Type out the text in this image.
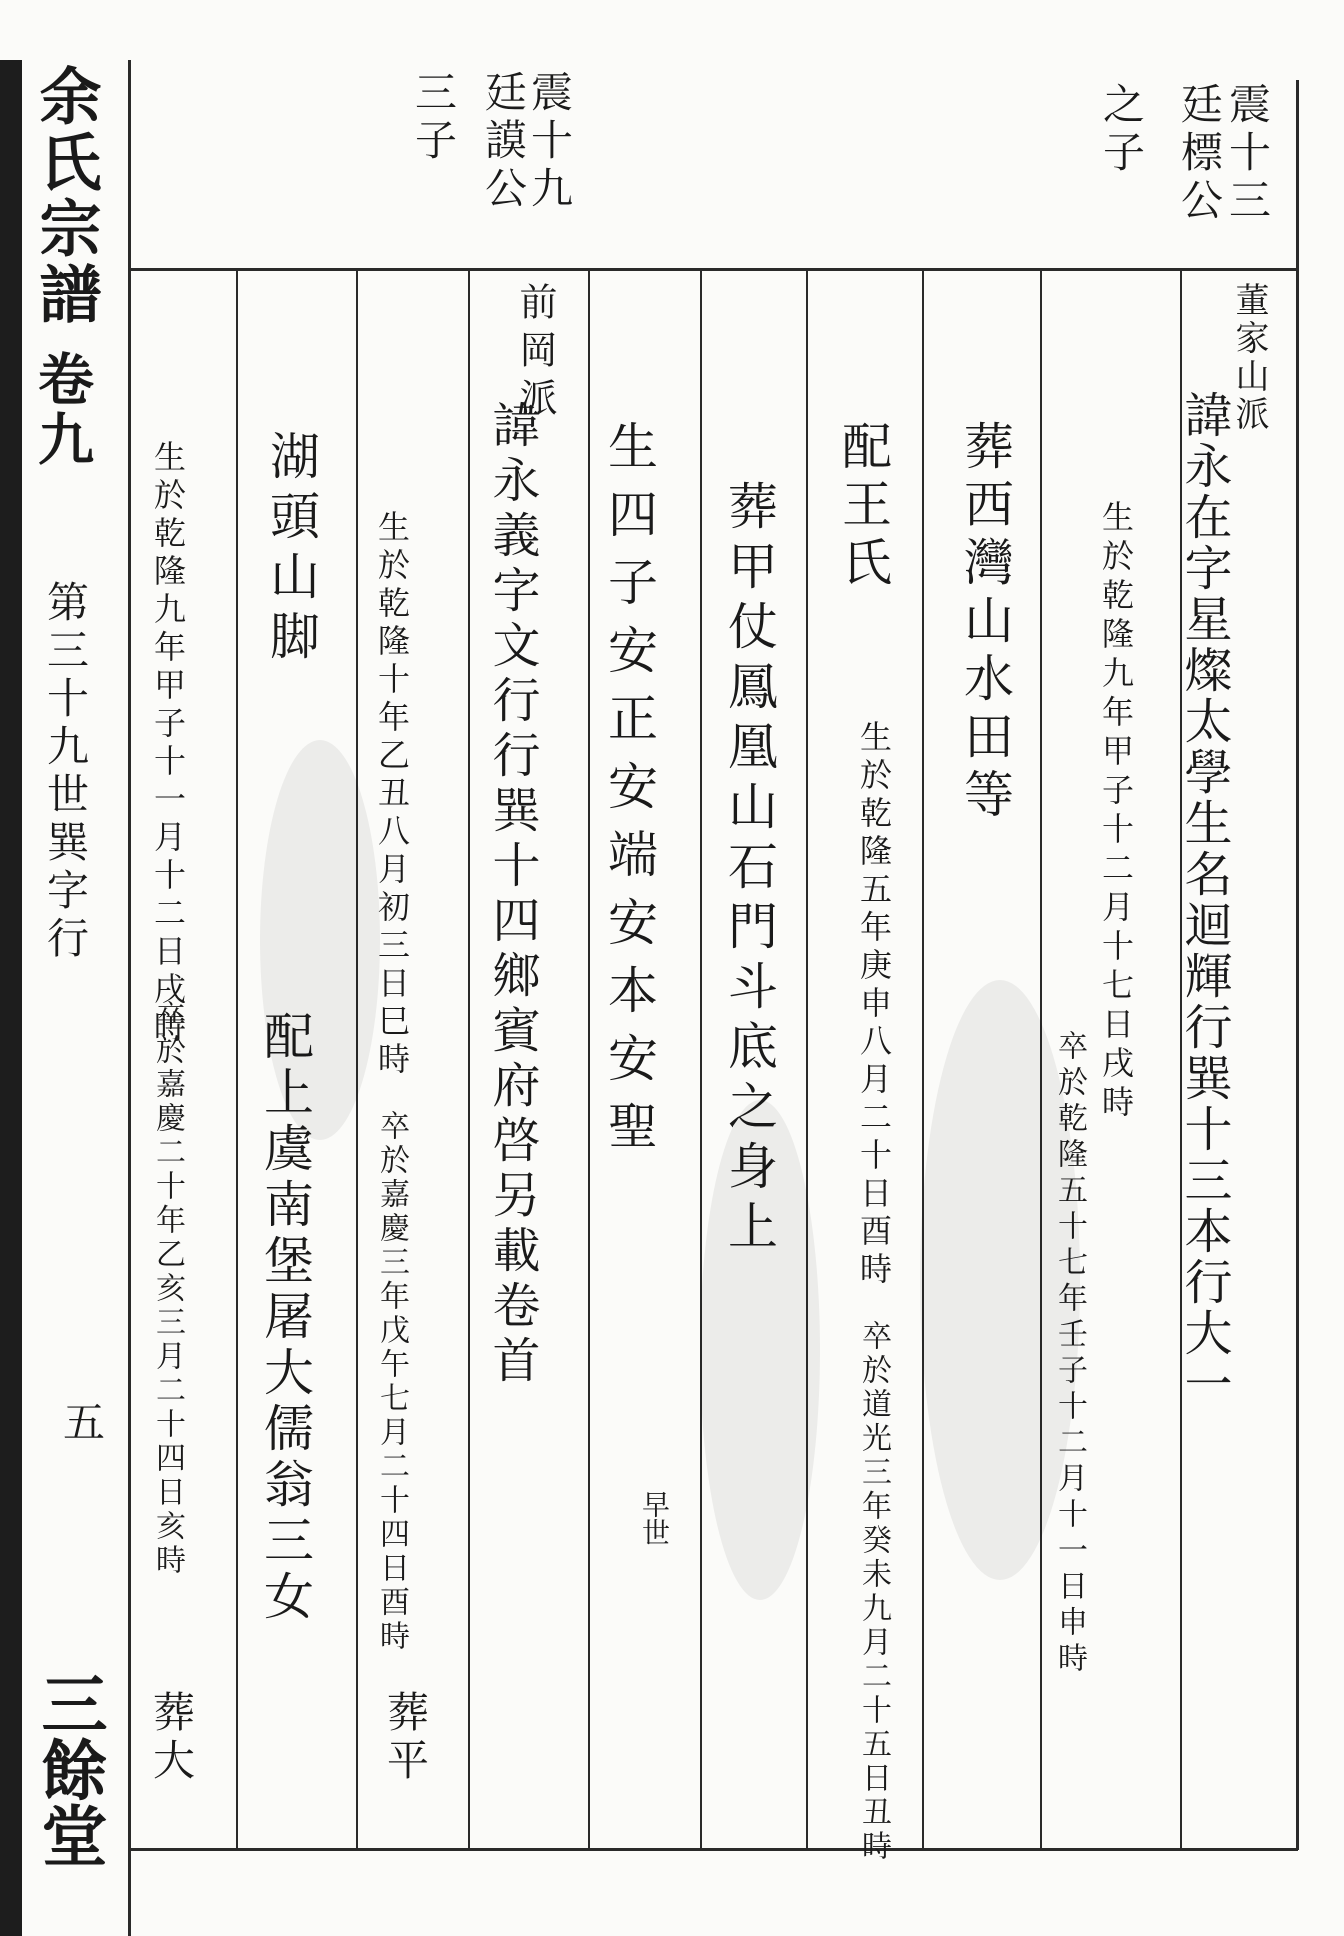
余氏宗譜
卷九
第三十九世巽字行
五
三餘堂
震十三
廷標公
之子
震十九
廷謨公
三子
董家山派
諱永在字星燦太學生名迴輝行巽十三本行大一
生於乾隆九年甲子十二月十七日戌時
卒於乾隆五十七年壬子十二月十一日申時
葬西灣山水田等
配王氏
生於乾隆五年庚申八月二十日酉時
卒於道光三年癸未九月二十五日丑時
葬甲仗鳳凰山石門斗底之身上
前岡派
諱永義字文行行巽十四鄉賓府啓另載卷首 生四子安正安端安本安聖
早世
生於乾隆十年乙丑八月初三日巳時
卒於嘉慶三年戊午七月二十四日酉時
葬平
配上虞南堡屠大儒翁三女
湖頭山脚
生於乾隆九年甲子十一月十二日戌時
卒於嘉慶二十年乙亥三月二十四日亥時
葬大
